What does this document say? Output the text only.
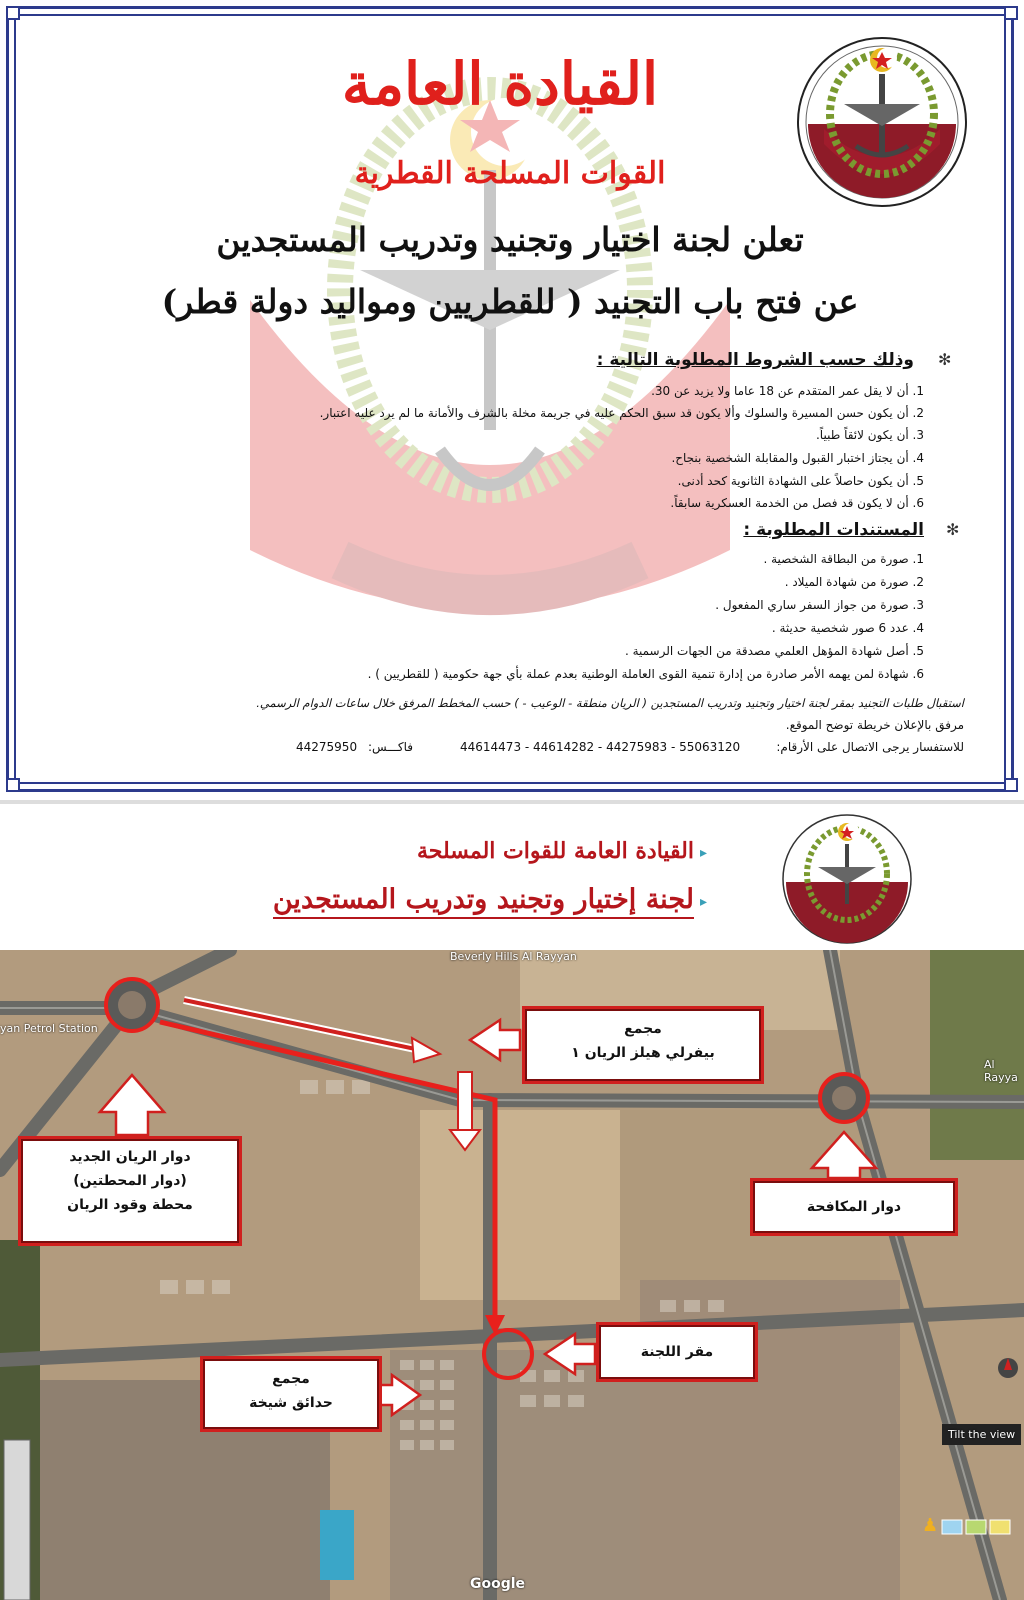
القيادة العامة
القوات المسلحة القطرية
تعلن لجنة اختيار وتجنيد وتدريب المستجدين
عن فتح باب التجنيد ( للقطريين ومواليد دولة قطر)
✻
وذلك حسب الشروط المطلوبة التالية :
1. أن لا يقل عمر المتقدم عن 18 عاما ولا يزيد عن 30.
2. أن يكون حسن المسيرة والسلوك وألا يكون قد سبق الحكم عليه في جريمة مخلة بالشرف والأمانة ما لم يرد عليه اعتبار.
3. أن يكون لائقاً طبياً.
4. أن يجتاز اختبار القبول والمقابلة الشخصية بنجاح.
5. أن يكون حاصلاً على الشهادة الثانوية كحد أدنى.
6. أن لا يكون قد فصل من الخدمة العسكرية سابقاً.
✻
المستندات المطلوبة :
1. صورة من البطاقة الشخصية .
2. صورة من شهادة الميلاد .
3. صورة من جواز السفر ساري المفعول .
4. عدد 6 صور شخصية حديثة .
5. أصل شهادة المؤهل العلمي مصدقة من الجهات الرسمية .
6. شهادة لمن يهمه الأمر صادرة من إدارة تنمية القوى العاملة الوطنية بعدم عملة بأي جهة حكومية ( للقطريين ) .
استقبال طلبات التجنيد بمقر لجنة اختيار وتجنيد وتدريب المستجدين ( الريان منطقة - الوعيب - ) حسب المخطط المرفق خلال ساعات الدوام الرسمي.
مرفق بالإعلان خريطة توضح الموقع.
للاستفسار يرجى الاتصال على الأرقام:
44614473 - 44614282 - 44275983 - 55063120
فاكـــس:
44275950
القيادة العامة للقوات المسلحة ▸
لجنة إختيار وتجنيد وتدريب المستجدين ▸
Beverly Hills Al Rayyan
yan Petrol Station
Al Rayya
Tilt the view
Google
♟
مجمع
بيفرلي هيلز الريان ١
دوار الريان الجديد
(دوار المحطتين)
محطة وقود الريان	دوار المكافحة
مقر اللجنة
مجمع
حدائق شيخة
